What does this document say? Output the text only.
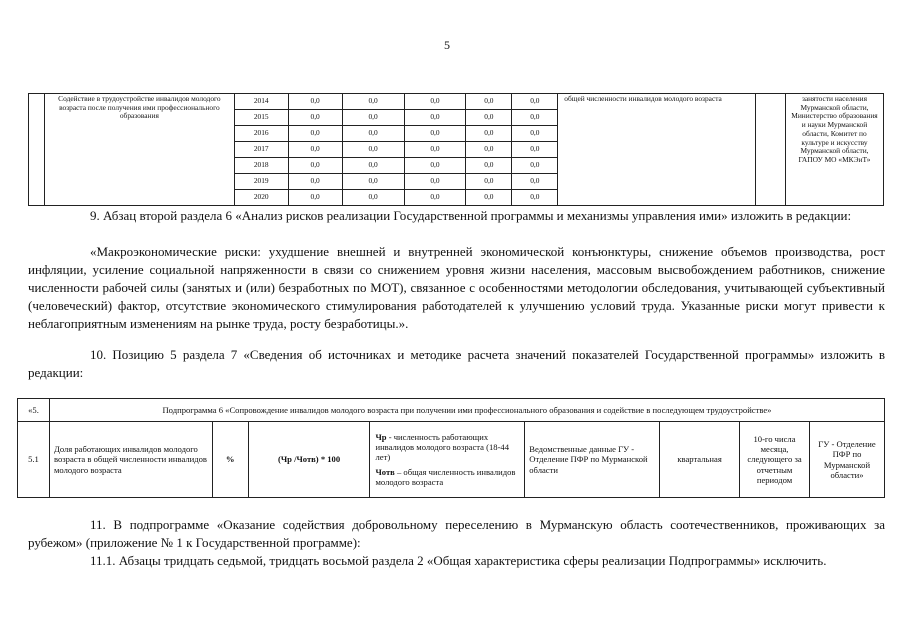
5
	Содействие в трудоустройстве инвалидов молодого возраста после получения ими профессионального образования	2014	0,0	0,0	0,0	0,0	0,0	общей численности инвалидов молодого возраста		занятости населения Мурманской области, Министерство образования и науки Мурманской области, Комитет по культуре и искусству Мурманской области, ГАПОУ МО «МКЭиТ»
		2015	0,0	0,0	0,0	0,0	0,0			
		2016	0,0	0,0	0,0	0,0	0,0			
		2017	0,0	0,0	0,0	0,0	0,0			
		2018	0,0	0,0	0,0	0,0	0,0			
		2019	0,0	0,0	0,0	0,0	0,0			
		2020	0,0	0,0	0,0	0,0	0,0			
9. Абзац второй раздела 6 «Анализ рисков реализации Государственной программы и механизмы управления ими» изложить в редакции:
«Макроэкономические риски: ухудшение внешней и внутренней экономической конъюнктуры, снижение объемов производства, рост инфляции, усиление социальной напряженности в связи со снижением уровня жизни населения, массовым высвобождением работников, снижение численности рабочей силы (занятых и (или) безработных по МОТ), связанное с особенностями методологии обследования, учитывающей субъективный (человеческий) фактор, отсутствие экономического стимулирования работодателей к улучшению условий труда. Указанные риски могут привести к неблагоприятным изменениям на рынке труда, росту безработицы.».
10. Позицию 5 раздела 7 «Сведения об источниках и методике расчета значений показателей Государственной программы» изложить в редакции:
«5.	Подпрограмма 6 «Сопровождение инвалидов молодого возраста при получении ими профессионального образования и содействие в последующем трудоустройстве»							
5.1	Доля работающих инвалидов молодого возраста в общей численности инвалидов молодого возраста	%	(Чр /Чотв) * 100	Чр - численность работающих инвалидов молодого возраста (18-44 лет)
Чотв – общая численность инвалидов молодого возраста	Ведомственные данные ГУ - Отделение ПФР по Мурманской области	квартальная	10-го числа месяца, следующего за отчетным периодом	ГУ - Отделение ПФР по Мурманской области»
11. В подпрограмме «Оказание содействия добровольному переселению в Мурманскую область соотечественников, проживающих за рубежом» (приложение № 1 к Государственной программе):
11.1. Абзацы тридцать седьмой, тридцать восьмой раздела 2 «Общая характеристика сферы реализации Подпрограммы» исключить.
